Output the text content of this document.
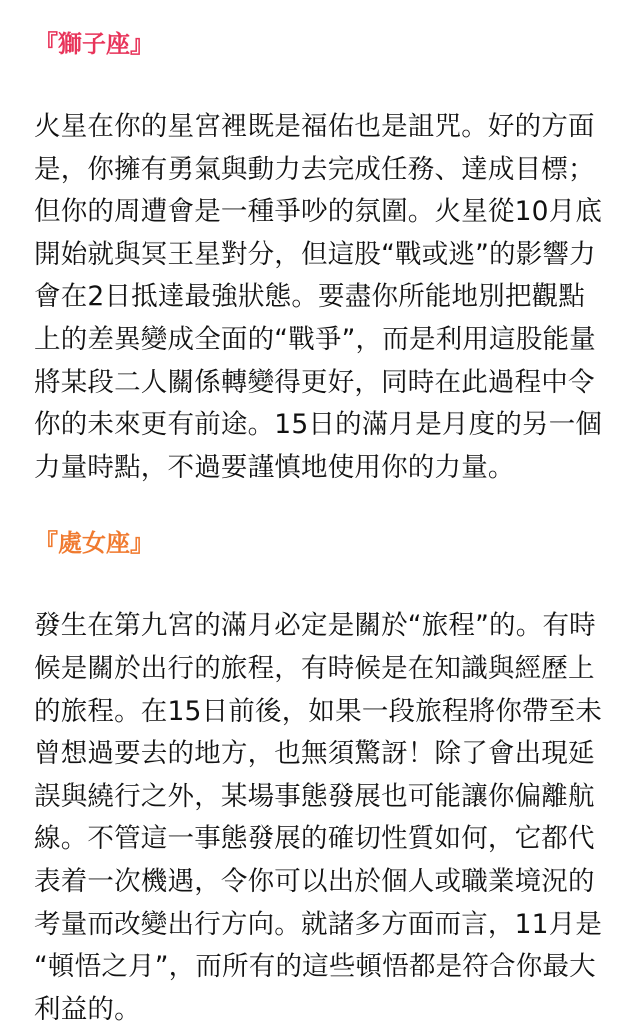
『獅子座』

火星在你的星宮裡既是福佑也是詛咒。好的方面
是，你擁有勇氣與動力去完成任務、達成目標；
但你的周遭會是一種爭吵的氛圍。火星從10月底
開始就與冥王星對分，但這股“戰或逃”的影響力
會在2日抵達最強狀態。要盡你所能地別把觀點
上的差異變成全面的“戰爭”，而是利用這股能量
將某段二人關係轉變得更好，同時在此過程中令
你的未來更有前途。15日的滿月是月度的另一個
力量時點，不過要謹慎地使用你的力量。

『處女座』

發生在第九宮的滿月必定是關於“旅程”的。有時
候是關於出行的旅程，有時候是在知識與經歷上
的旅程。在15日前後，如果一段旅程將你帶至未
曾想過要去的地方，也無須驚訝！除了會出現延
誤與繞行之外，某場事態發展也可能讓你偏離航
線。不管這一事態發展的確切性質如何，它都代
表着一次機遇，令你可以出於個人或職業境況的
考量而改變出行方向。就諸多方面而言，11月是
“頓悟之月”，而所有的這些頓悟都是符合你最大
利益的。
